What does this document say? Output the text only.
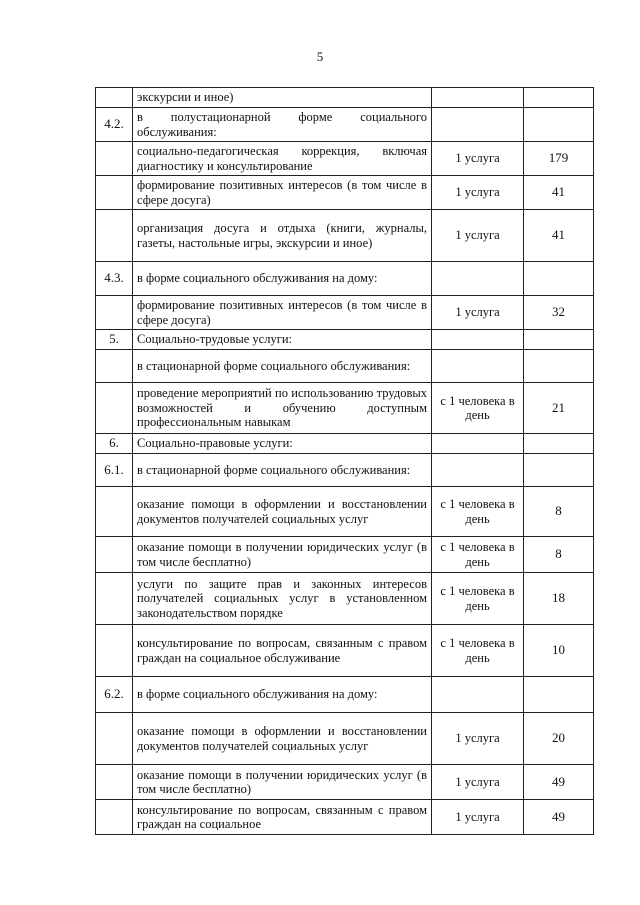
5
	экскурсии и иное)		
4.2.	в полустационарной форме социального обслуживания:		
	социально-педагогическая коррекция, включая диагностику и консультирование	1 услуга	179
	формирование позитивных интересов (в том числе в сфере досуга)	1 услуга	41
	организация досуга и отдыха (книги, журналы, газеты, настольные игры, экскурсии и иное)	1 услуга	41
4.3.	в форме социального обслуживания на дому:		
	формирование позитивных интересов (в том числе в сфере досуга)	1 услуга	32
5.	Социально-трудовые услуги:		
	в стационарной форме социального обслуживания:		
	проведение мероприятий по использованию трудовых возможностей и обучению доступным профессиональным навыкам	с 1 человека в день	21
6.	Социально-правовые услуги:		
6.1.	в стационарной форме социального обслуживания:		
	оказание помощи в оформлении и восстановлении документов получателей социальных услуг	с 1 человека в день	8
	оказание помощи в получении юридических услуг (в том числе бесплатно)	с 1 человека в день	8
	услуги по защите прав и законных интересов получателей социальных услуг в установленном законодательством порядке	с 1 человека в день	18
	консультирование по вопросам, связанным с правом граждан на социальное обслуживание	с 1 человека в день	10
6.2.	в форме социального обслуживания на дому:		
	оказание помощи в оформлении и восстановлении документов получателей социальных услуг	1 услуга	20
	оказание помощи в получении юридических услуг (в том числе бесплатно)	1 услуга	49
	консультирование по вопросам, связанным с правом граждан на социальное	1 услуга	49
